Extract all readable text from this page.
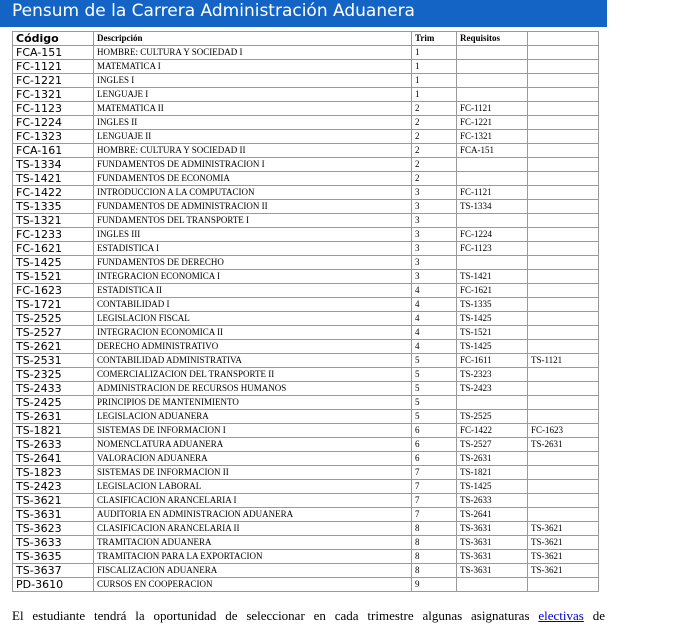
Pensum de la Carrera Administración Aduanera
Código	Descripción	Trim	Requisitos	
FCA-151	HOMBRE: CULTURA Y SOCIEDAD I	1		
FC-1121	MATEMATICA I	1		
FC-1221	INGLES I	1		
FC-1321	LENGUAJE I	1		
FC-1123	MATEMATICA II	2	FC-1121	
FC-1224	INGLES II	2	FC-1221	
FC-1323	LENGUAJE II	2	FC-1321	
FCA-161	HOMBRE: CULTURA Y SOCIEDAD II	2	FCA-151	
TS-1334	FUNDAMENTOS DE ADMINISTRACION I	2		
TS-1421	FUNDAMENTOS DE ECONOMIA	2		
FC-1422	INTRODUCCION A LA COMPUTACION	3	FC-1121	
TS-1335	FUNDAMENTOS DE ADMINISTRACION II	3	TS-1334	
TS-1321	FUNDAMENTOS DEL TRANSPORTE I	3		
FC-1233	INGLES III	3	FC-1224	
FC-1621	ESTADISTICA I	3	FC-1123	
TS-1425	FUNDAMENTOS DE DERECHO	3		
TS-1521	INTEGRACION ECONOMICA I	3	TS-1421	
FC-1623	ESTADISTICA II	4	FC-1621	
TS-1721	CONTABILIDAD I	4	TS-1335	
TS-2525	LEGISLACION FISCAL	4	TS-1425	
TS-2527	INTEGRACION ECONOMICA II	4	TS-1521	
TS-2621	DERECHO ADMINISTRATIVO	4	TS-1425	
TS-2531	CONTABILIDAD ADMINISTRATIVA	5	FC-1611	TS-1121
TS-2325	COMERCIALIZACION DEL TRANSPORTE II	5	TS-2323	
TS-2433	ADMINISTRACION DE RECURSOS HUMANOS	5	TS-2423	
TS-2425	PRINCIPIOS DE MANTENIMIENTO	5		
TS-2631	LEGISLACION ADUANERA	5	TS-2525	
TS-1821	SISTEMAS DE INFORMACION I	6	FC-1422	FC-1623
TS-2633	NOMENCLATURA ADUANERA	6	TS-2527	TS-2631
TS-2641	VALORACION ADUANERA	6	TS-2631	
TS-1823	SISTEMAS DE INFORMACION II	7	TS-1821	
TS-2423	LEGISLACION LABORAL	7	TS-1425	
TS-3621	CLASIFICACION ARANCELARIA I	7	TS-2633	
TS-3631	AUDITORIA EN ADMINISTRACION ADUANERA	7	TS-2641	
TS-3623	CLASIFICACION ARANCELARIA II	8	TS-3631	TS-3621
TS-3633	TRAMITACION ADUANERA	8	TS-3631	TS-3621
TS-3635	TRAMITACION PARA LA EXPORTACION	8	TS-3631	TS-3621
TS-3637	FISCALIZACION ADUANERA	8	TS-3631	TS-3621
PD-3610	CURSOS EN COOPERACION	9		
El estudiante tendrá la oportunidad de seleccionar en cada trimestre algunas asignaturas electivas de
